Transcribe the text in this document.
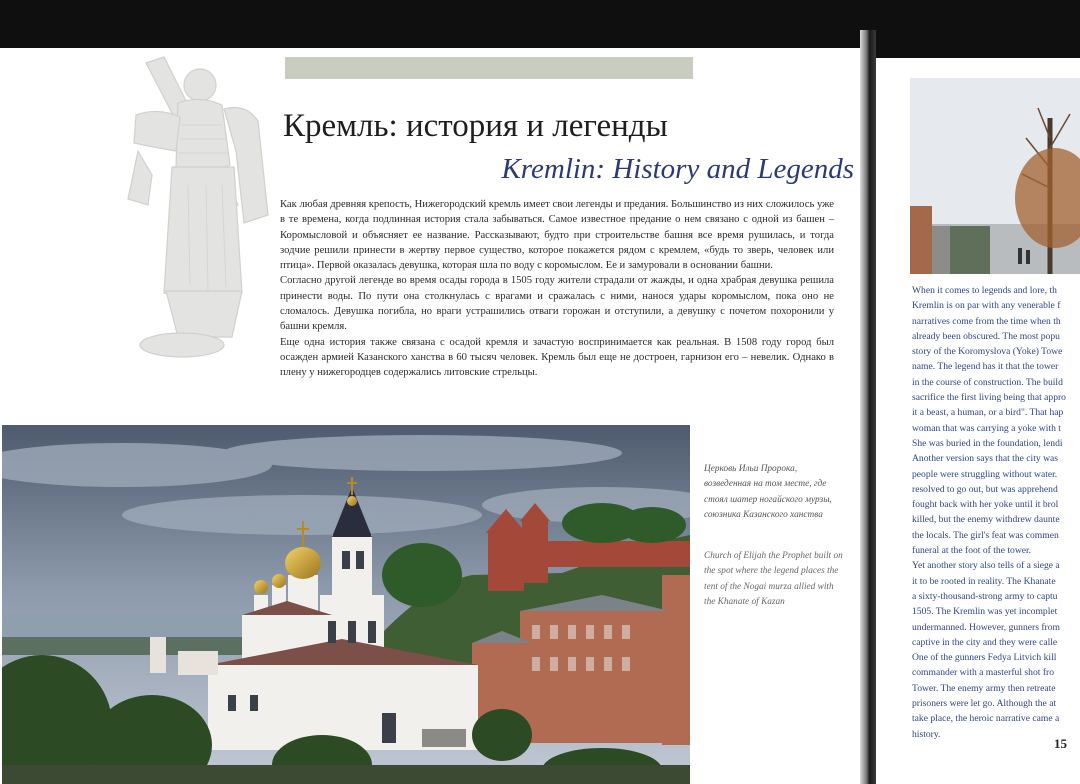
Кремль: история и легенды
Kremlin: History and Legends

Как любая древняя крепость, Нижегородский кремль имеет свои легенды и предания. Большинство из них сложилось уже в те времена, когда подлинная история стала забываться. Самое известное предание о нем связано с одной из башен – Коромысловой и объясняет ее название. Рассказывают, будто при строительстве башня все время рушилась, и тогда зодчие решили принести в жертву первое существо, которое покажется рядом с кремлем, «будь то зверь, человек или птица». Первой оказалась девушка, которая шла по воду с коромыслом. Ее и замуровали в основании башни.

Согласно другой легенде во время осады города в 1505 году жители страдали от жажды, и одна храбрая девушка решила принести воды. По пути она столкнулась с врагами и сражалась с ними, нанося удары коромыслом, пока оно не сломалось. Девушка погибла, но враги устрашились отваги горожан и отступили, а девушку с почетом похоронили у башни кремля.

Еще одна история также связана с осадой кремля и зачастую воспринимается как реальная. В 1508 году город был осажден армией Казанского ханства в 60 тысяч человек. Кремль был еще не достроен, гарнизон его – невелик. Однако в плену у нижегородцев содержались литовские стрельцы.

Церковь Ильи Пророка, возведенная на том месте, где стоял шатер ногайского мурзы, союзника Казанского ханства
Church of Elijah the Prophet built on the spot where the legend places the tent of the Nogai murza allied with the Khanate of Kazan
When it comes to legends and lore, th
Kremlin is on par with any venerable f
narratives come from the time when th
already been obscured. The most popu
story of the Koromyslova (Yoke) Towe
name. The legend has it that the tower
in the course of construction. The build
sacrifice the first living being that appro
it a beast, a human, or a bird". That hap
woman that was carrying a yoke with t
She was buried in the foundation, lendi
Another version says that the city was
people were struggling without water.
resolved to go out, but was apprehend
fought back with her yoke until it brol
killed, but the enemy withdrew daunte
the locals. The girl's feat was commen
funeral at the foot of the tower.
Yet another story also tells of a siege a
it to be rooted in reality. The Khanate
a sixty-thousand-strong army to captu
1505. The Kremlin was yet incomplet
undermanned. However, gunners from
captive in the city and they were calle
One of the gunners Fedya Litvich kill
commander with a masterful shot fro
Tower. The enemy army then retreate
prisoners were let go. Although the at
take place, the heroic narrative came a
history.
15
